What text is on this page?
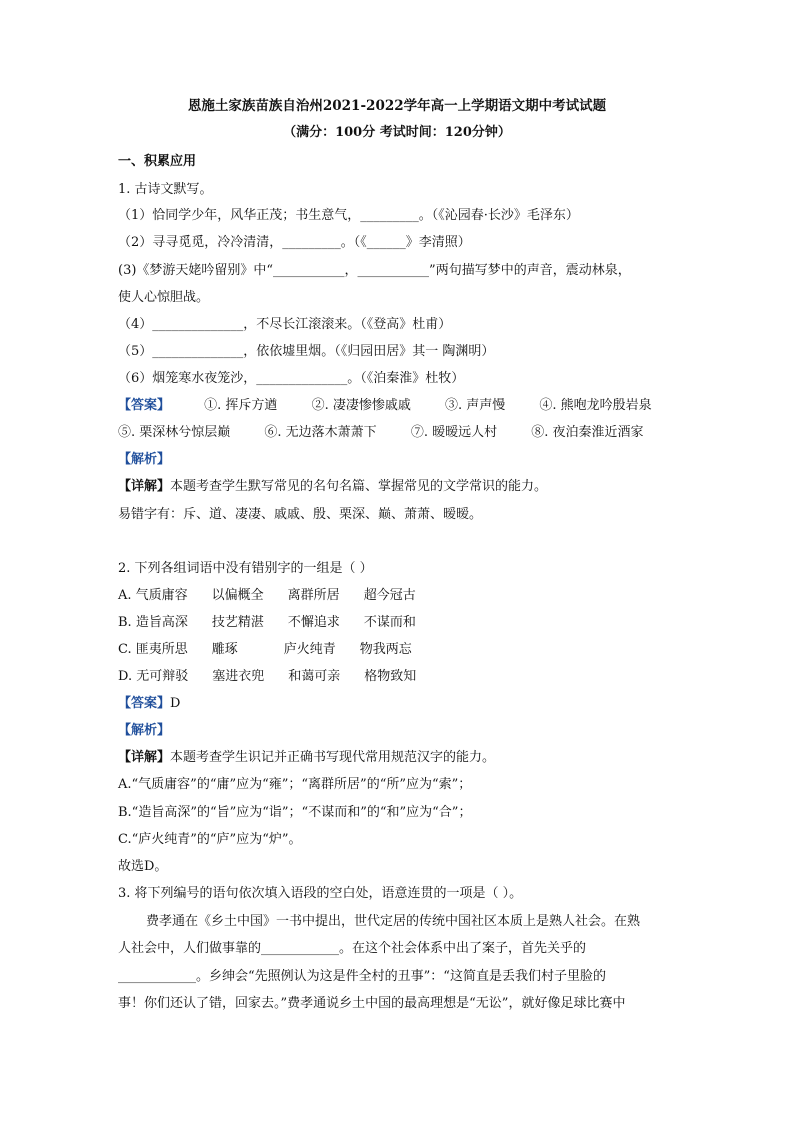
恩施土家族苗族自治州2021-2022学年高一上学期语文期中考试试题
（满分：100分 考试时间：120分钟）
一、积累应用
1. 古诗文默写。
（1）恰同学少年，风华正茂；书生意气，_________。（《沁园春·长沙》毛泽东）
（2）寻寻觅觅，冷冷清清，_________。（《______》李清照）
(3)《梦游天姥吟留别》中“___________，___________”两句描写梦中的声音，震动林泉，
使人心惊胆战。
（4）______________，不尽长江滚滚来。（《登高》杜甫）
（5）______________，依依墟里烟。（《归园田居》其一 陶渊明）
（6）烟笼寒水夜笼沙，______________。（《泊秦淮》杜牧）
【答案】	①. 挥斥方遒	②. 凄凄惨惨戚戚	③. 声声慢	④. 熊咆龙吟殷岩泉
⑤. 栗深林兮惊层巅	⑥. 无边落木萧萧下	⑦. 暧暧远人村	⑧. 夜泊秦淮近酒家
【解析】
【详解】本题考查学生默写常见的名句名篇、掌握常见的文学常识的能力。
易错字有：斥、道、凄凄、戚戚、殷、栗深、巅、萧萧、暧暧。
2. 下列各组词语中没有错别字的一组是（ ）
A. 气质庸容 以偏概全 离群所居 超今冠古
B. 造旨高深 技艺精湛 不懈追求 不谋而和
C. 匪夷所思 雕琢	庐火纯青 物我两忘
D. 无可辩驳 塞进衣兜 和蔼可亲 格物致知
【答案】D
【解析】
【详解】本题考查学生识记并正确书写现代常用规范汉字的能力。
A.“气质庸容”的“庸”应为“雍”；“离群所居”的“所”应为“索”；
B.“造旨高深”的“旨”应为“诣”；“不谋而和”的“和”应为“合”；
C.“庐火纯青”的“庐”应为“炉”。
故选D。
3. 将下列编号的语句依次填入语段的空白处，语意连贯的一项是（ ）。
费孝通在《乡土中国》一书中提出，世代定居的传统中国社区本质上是熟人社会。在熟
人社会中，人们做事靠的____________。在这个社会体系中出了案子，首先关乎的
____________。乡绅会“先照例认为这是件全村的丑事”：“这简直是丢我们村子里脸的
事！你们还认了错，回家去。”费孝通说乡土中国的最高理想是“无讼”，就好像足球比赛中
